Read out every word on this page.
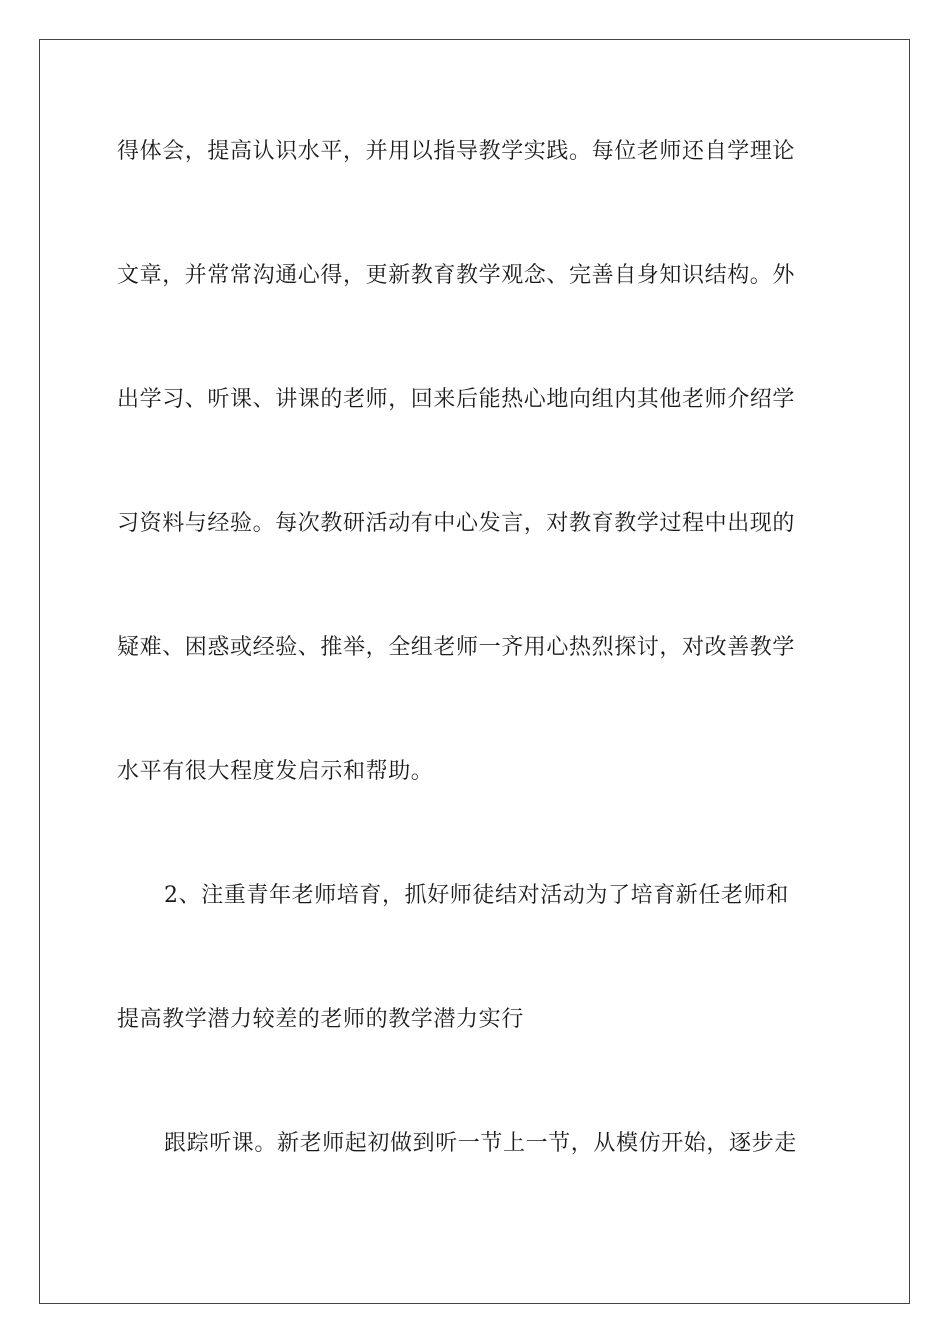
得体会，提高认识水平，并用以指导教学实践。每位老师还自学理论
文章，并常常沟通心得，更新教育教学观念、完善自身知识结构。外
出学习、听课、讲课的老师，回来后能热心地向组内其他老师介绍学
习资料与经验。每次教研活动有中心发言，对教育教学过程中出现的
疑难、困惑或经验、推举，全组老师一齐用心热烈探讨，对改善教学
水平有很大程度发启示和帮助。
2、注重青年老师培育，抓好师徒结对活动为了培育新任老师和
提高教学潜力较差的老师的教学潜力实行
跟踪听课。新老师起初做到听一节上一节，从模仿开始，逐步走
